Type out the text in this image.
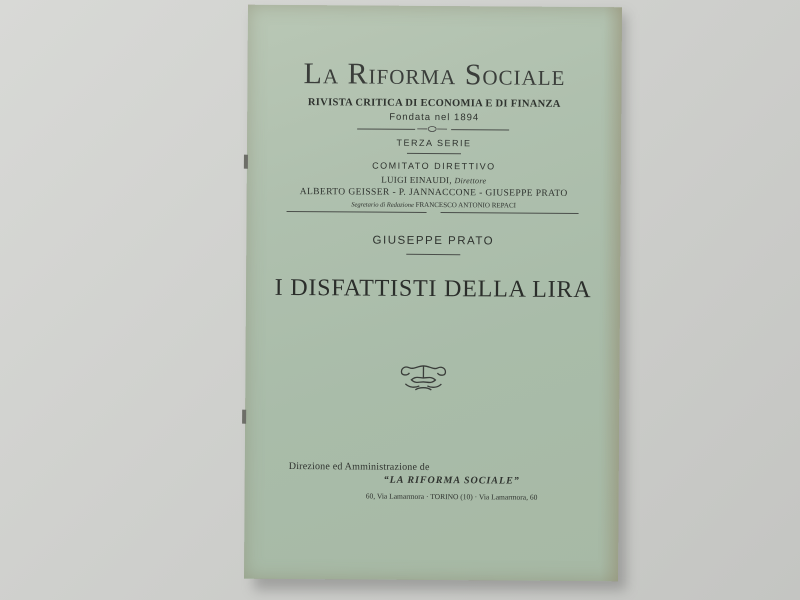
La Riforma Sociale
RIVISTA CRITICA DI ECONOMIA E DI FINANZA
Fondata nel 1894
TERZA SERIE
COMITATO DIRETTIVO
LUIGI EINAUDI, Direttore
ALBERTO GEISSER - P. JANNACCONE - GIUSEPPE PRATO
Segretario di Redazione FRANCESCO ANTONIO REPACI
GIUSEPPE PRATO
I DISFATTISTI DELLA LIRA
Direzione ed Amministrazione de
“LA RIFORMA SOCIALE”
60, Via Lamarmora · TORINO (10) · Via Lamarmora, 60
